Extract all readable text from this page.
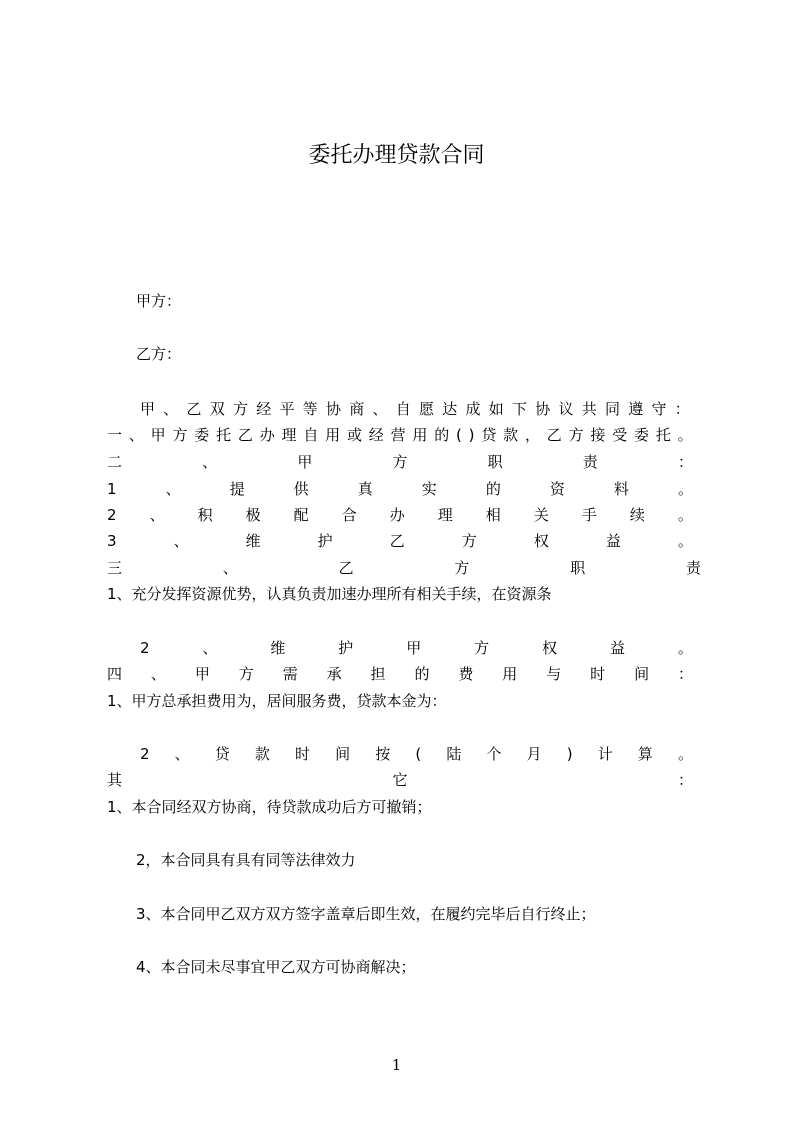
委托办理贷款合同
甲方：
乙方：
甲 、 乙 双 方 经 平 等 协 商 、 自 愿 达 成 如 下 协 议 共 同 遵 守 ：
一 、 甲 方 委 托 乙 办 理 自 用 或 经 营 用 的 ( ) 贷 款 ， 乙 方 接 受 委 托 。
二	、	甲	方	职	责	：
1	、	提	供	真	实	的	资	料	。
2 、 积 极 配 合 办 理 相 关 手 续 。
3	、	维	护	乙	方	权	益	。
三	、	乙	方	职	责
1、充分发挥资源优势，认真负责加速办理所有相关手续，在资源条
2	、	维	护	甲	方	权	益	。
四 、 甲 方 需 承 担 的 费 用 与 时 间 ：
1、甲方总承担费用为，居间服务费，贷款本金为：
2 、 贷 款 时 间 按 ( 陆 个 月 ) 计 算 。
其	它	：
1、本合同经双方协商，待贷款成功后方可撤销；
2，本合同具有具有同等法律效力
3、本合同甲乙双方双方签字盖章后即生效，在履约完毕后自行终止；
4、本合同未尽事宜甲乙双方可协商解决；
1
